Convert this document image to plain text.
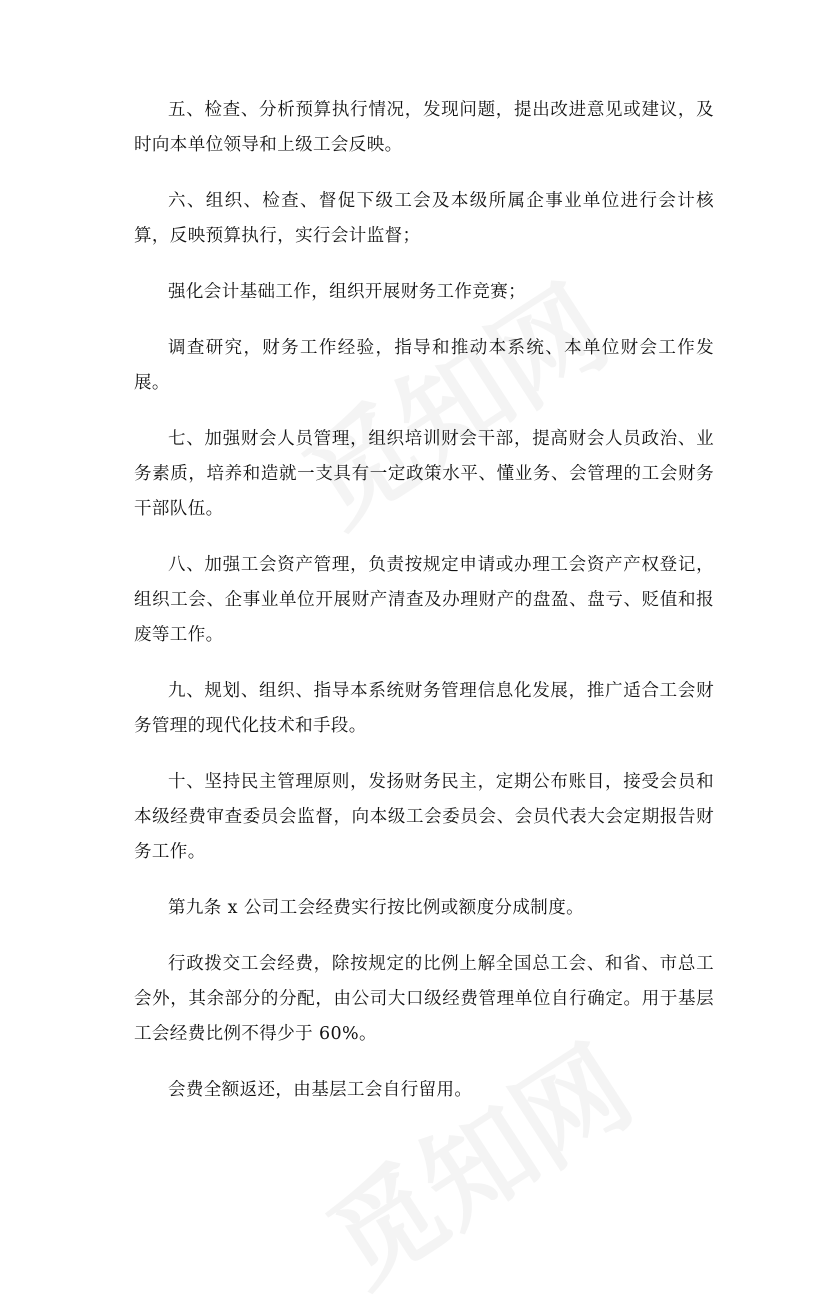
五、检查、分析预算执行情况，发现问题，提出改进意见或建议，及时向本单位领导和上级工会反映。

六、组织、检查、督促下级工会及本级所属企事业单位进行会计核算，反映预算执行，实行会计监督；

强化会计基础工作，组织开展财务工作竞赛；

调查研究，财务工作经验，指导和推动本系统、本单位财会工作发展。

七、加强财会人员管理，组织培训财会干部，提高财会人员政治、业务素质，培养和造就一支具有一定政策水平、懂业务、会管理的工会财务干部队伍。

八、加强工会资产管理，负责按规定申请或办理工会资产产权登记，组织工会、企事业单位开展财产清查及办理财产的盘盈、盘亏、贬值和报废等工作。

九、规划、组织、指导本系统财务管理信息化发展，推广适合工会财务管理的现代化技术和手段。

十、坚持民主管理原则，发扬财务民主，定期公布账目，接受会员和本级经费审查委员会监督，向本级工会委员会、会员代表大会定期报告财务工作。

第九条 x 公司工会经费实行按比例或额度分成制度。

行政拨交工会经费，除按规定的比例上解全国总工会、和省、市总工会外，其余部分的分配，由公司大口级经费管理单位自行确定。用于基层工会经费比例不得少于 60%。

会费全额返还，由基层工会自行留用。
